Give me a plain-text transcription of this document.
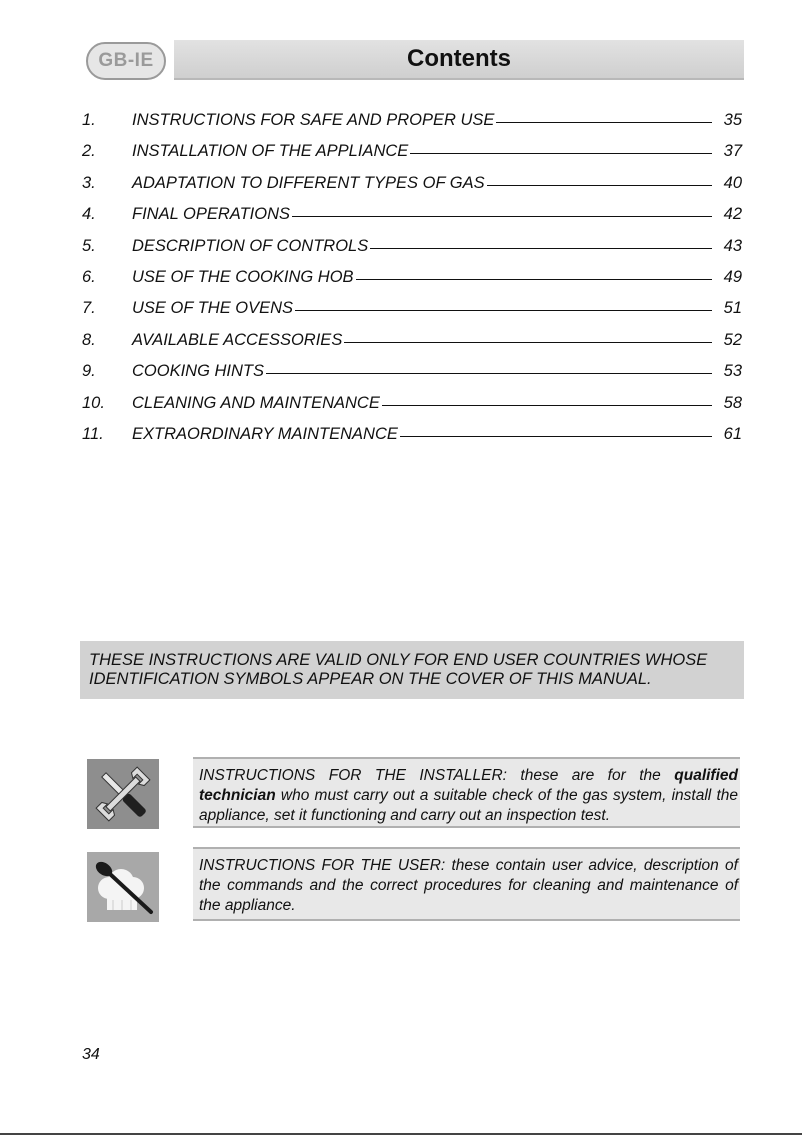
GB-IE	Contents
1.	INSTRUCTIONS FOR SAFE AND PROPER USE	35
2.	INSTALLATION OF THE APPLIANCE	37
3.	ADAPTATION TO DIFFERENT TYPES OF GAS	40
4.	FINAL OPERATIONS	42
5.	DESCRIPTION OF CONTROLS	43
6.	USE OF THE COOKING HOB	49
7.	USE OF THE OVENS	51
8.	AVAILABLE ACCESSORIES	52
9.	COOKING HINTS	53
10.	CLEANING AND MAINTENANCE	58
11.	EXTRAORDINARY MAINTENANCE	61
THESE INSTRUCTIONS ARE VALID ONLY FOR END USER COUNTRIES WHOSE IDENTIFICATION SYMBOLS APPEAR ON THE COVER OF THIS MANUAL.
INSTRUCTIONS FOR THE INSTALLER: these are for the qualified technician who must carry out a suitable check of the gas system, install the appliance, set it functioning and carry out an inspection test.
INSTRUCTIONS FOR THE USER: these contain user advice, description of the commands and the correct procedures for cleaning and maintenance of the appliance.
34
